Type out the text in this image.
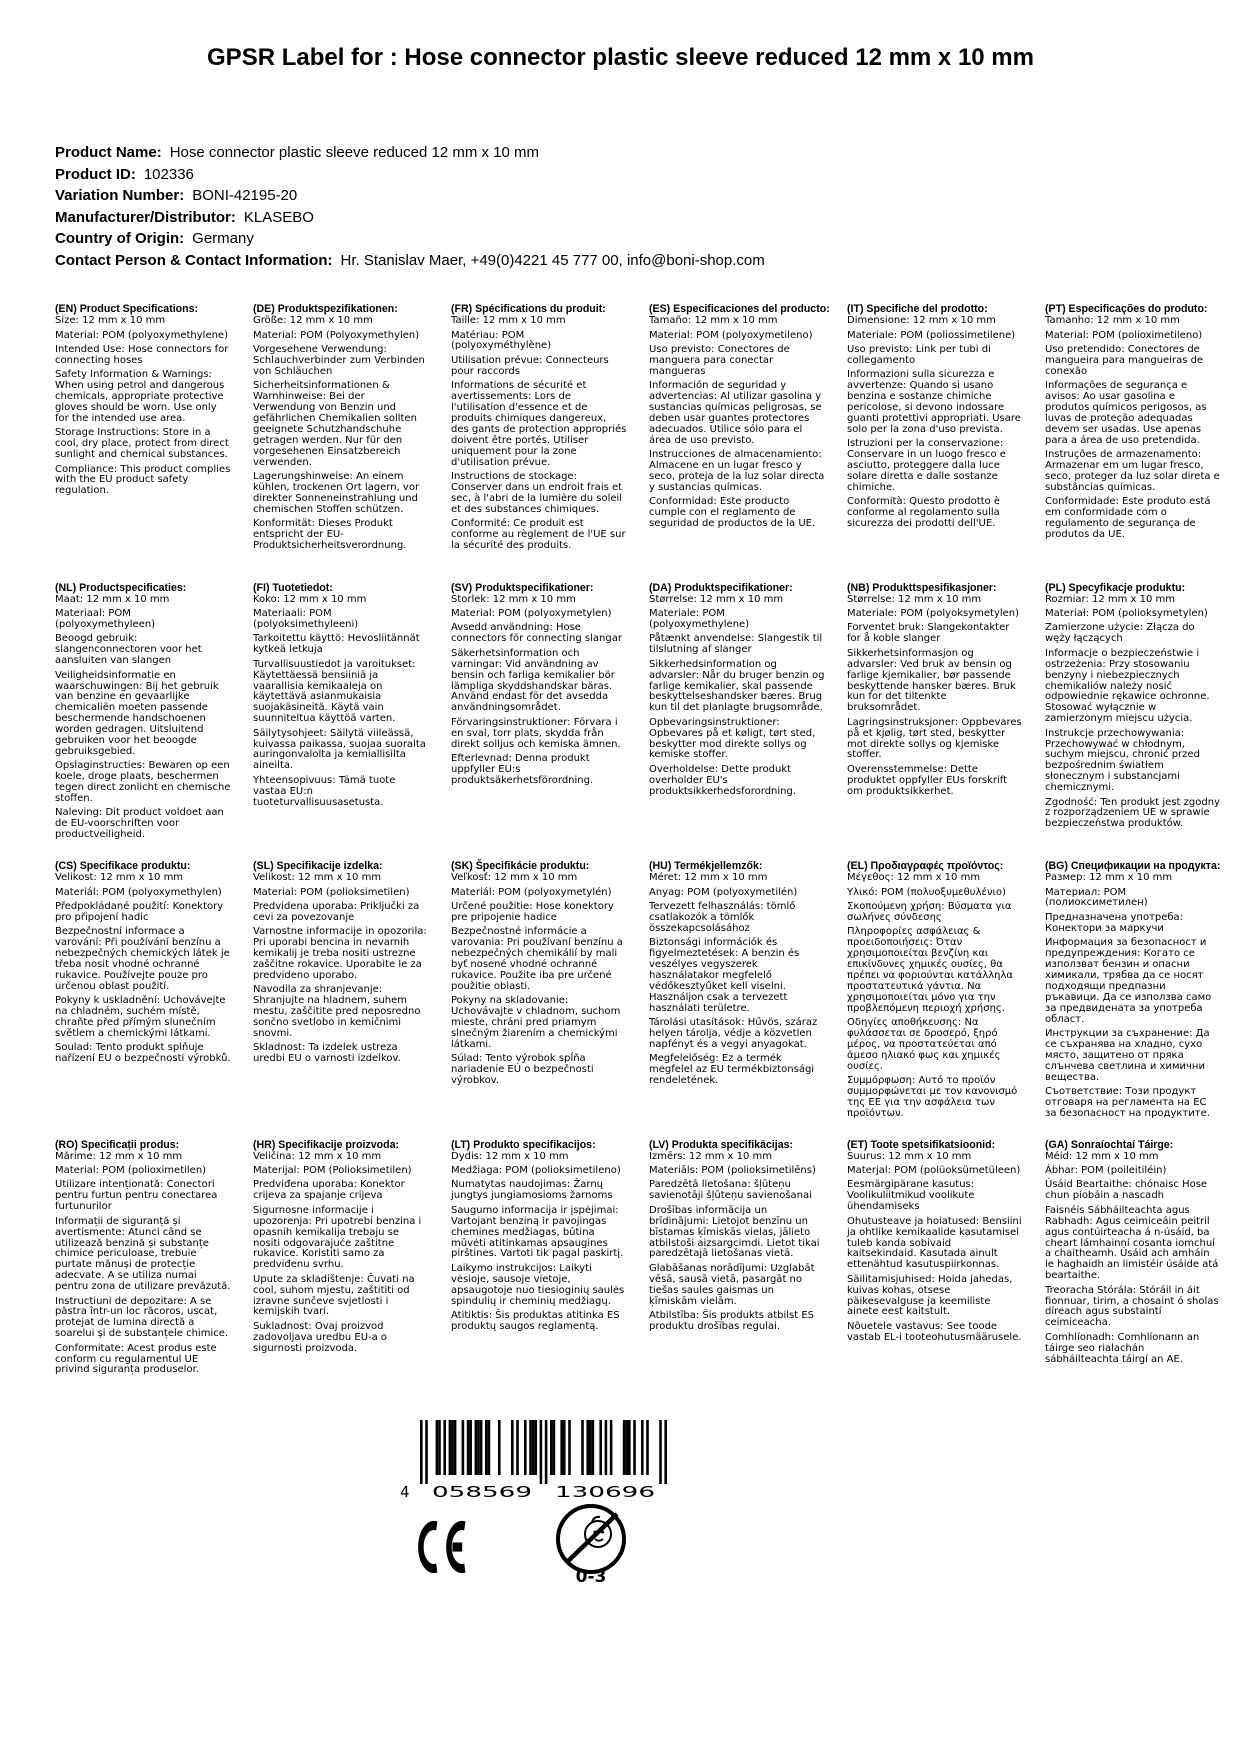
GPSR Label for : Hose connector plastic sleeve reduced 12 mm x 10 mm
Product Name: Hose connector plastic sleeve reduced 12 mm x 10 mm
Product ID: 102336
Variation Number: BONI-42195-20
Manufacturer/Distributor: KLASEBO
Country of Origin: Germany
Contact Person & Contact Information: Hr. Stanislav Maer, +49(0)4221 45 777 00, info@boni-shop.com
(EN) Product Specifications:

Size: 12 mm x 10 mm

Material: POM (polyoxymethylene)

Intended Use: Hose connectors for connecting hoses

Safety Information & Warnings: When using petrol and dangerous chemicals, appropriate protective gloves should be worn. Use only for the intended use area.

Storage Instructions: Store in a cool, dry place, protect from direct sunlight and chemical substances.

Compliance: This product complies with the EU product safety regulation.

(DE) Produktspezifikationen:

Größe: 12 mm x 10 mm

Material: POM (Polyoxymethylen)

Vorgesehene Verwendung: Schlauchverbinder zum Verbinden von Schläuchen

Sicherheitsinformationen & Warnhinweise: Bei der Verwendung von Benzin und gefährlichen Chemikalien sollten geeignete Schutzhandschuhe getragen werden. Nur für den vorgesehenen Einsatzbereich verwenden.

Lagerungshinweise: An einem kühlen, trockenen Ort lagern, vor direkter Sonneneinstrahlung und chemischen Stoffen schützen.

Konformität: Dieses Produkt entspricht der EU-Produktsicherheitsverordnung.

(FR) Spécifications du produit:

Taille: 12 mm x 10 mm

Matériau: POM (polyoxyméthylène)

Utilisation prévue: Connecteurs pour raccords

Informations de sécurité et avertissements: Lors de l'utilisation d'essence et de produits chimiques dangereux, des gants de protection appropriés doivent être portés. Utiliser uniquement pour la zone d'utilisation prévue.

Instructions de stockage: Conserver dans un endroit frais et sec, à l'abri de la lumière du soleil et des substances chimiques.

Conformité: Ce produit est conforme au règlement de l'UE sur la sécurité des produits.

(ES) Especificaciones del producto:

Tamaño: 12 mm x 10 mm

Material: POM (polyoxymetileno)

Uso previsto: Conectores de manguera para conectar mangueras

Información de seguridad y advertencias: Al utilizar gasolina y sustancias químicas peligrosas, se deben usar guantes protectores adecuados. Utilice sólo para el área de uso previsto.

Instrucciones de almacenamiento: Almacene en un lugar fresco y seco, proteja de la luz solar directa y sustancias químicas.

Conformidad: Este producto cumple con el reglamento de seguridad de productos de la UE.

(IT) Specifiche del prodotto:

Dimensione: 12 mm x 10 mm

Materiale: POM (poliossimetilene)

Uso previsto: Link per tubi di collegamento

Informazioni sulla sicurezza e avvertenze: Quando si usano benzina e sostanze chimiche pericolose, si devono indossare guanti protettivi appropriati. Usare solo per la zona d'uso prevista.

Istruzioni per la conservazione: Conservare in un luogo fresco e asciutto, proteggere dalla luce solare diretta e dalle sostanze chimiche.

Conformità: Questo prodotto è conforme al regolamento sulla sicurezza dei prodotti dell'UE.

(PT) Especificações do produto:

Tamanho: 12 mm x 10 mm

Material: POM (polioximetileno)

Uso pretendido: Conectores de mangueira para mangueiras de conexão

Informações de segurança e avisos: Ao usar gasolina e produtos químicos perigosos, as luvas de proteção adequadas devem ser usadas. Use apenas para a área de uso pretendida.

Instruções de armazenamento: Armazenar em um lugar fresco, seco, proteger da luz solar direta e substâncias químicas.

Conformidade: Este produto está em conformidade com o regulamento de segurança de produtos da UE.

(NL) Productspecificaties:

Maat: 12 mm x 10 mm

Materiaal: POM (polyoxymethyleen)

Beoogd gebruik: slangenconnectoren voor het aansluiten van slangen

Veiligheidsinformatie en waarschuwingen: Bij het gebruik van benzine en gevaarlijke chemicaliën moeten passende beschermende handschoenen worden gedragen. Uitsluitend gebruiken voor het beoogde gebruiksgebied.

Opslaginstructies: Bewaren op een koele, droge plaats, beschermen tegen direct zonlicht en chemische stoffen.

Naleving: Dit product voldoet aan de EU-voorschriften voor productveiligheid.

(FI) Tuotetiedot:

Koko: 12 mm x 10 mm

Materiaali: POM (polyoksimethyleeni)

Tarkoitettu käyttö: Hevosliitännät kytkeä letkuja

Turvallisuustiedot ja varoitukset: Käytettäessä bensiiniä ja vaarallisia kemikaaleja on käytettävä asianmukaisia suojakäsineitä. Käytä vain suunniteltua käyttöä varten.

Säilytysohjeet: Säilytä viileässä, kuivassa paikassa, suojaa suoralta auringonvalolta ja kemiallisilta aineilta.

Yhteensopivuus: Tämä tuote vastaa EU:n tuoteturvallisuusasetusta.

(SV) Produktspecifikationer:

Storlek: 12 mm x 10 mm

Material: POM (polyoxymetylen)

Avsedd användning: Hose connectors för connecting slangar

Säkerhetsinformation och varningar: Vid användning av bensin och farliga kemikalier bör lämpliga skyddshandskar bäras. Använd endast för det avsedda användningsområdet.

Förvaringsinstruktioner: Förvara i en sval, torr plats, skydda från direkt solljus och kemiska ämnen.

Efterlevnad: Denna produkt uppfyller EU:s produktsäkerhetsförordning.

(DA) Produktspecifikationer:

Størrelse: 12 mm x 10 mm

Materiale: POM (polyoxymethylene)

Påtænkt anvendelse: Slangestik til tilslutning af slanger

Sikkerhedsinformation og advarsler: Når du bruger benzin og farlige kemikalier, skal passende beskyttelseshandsker bæres. Brug kun til det planlagte brugsområde.

Opbevaringsinstruktioner: Opbevares på et køligt, tørt sted, beskytter mod direkte sollys og kemiske stoffer.

Overholdelse: Dette produkt overholder EU's produktsikkerhedsforordning.

(NB) Produkttspesifikasjoner:

Størrelse: 12 mm x 10 mm

Materiale: POM (polyoksymetylen)

Forventet bruk: Slangekontakter for å koble slanger

Sikkerhetsinformasjon og advarsler: Ved bruk av bensin og farlige kjemikalier, bør passende beskyttende hansker bæres. Bruk kun for det tiltenkte bruksområdet.

Lagringsinstruksjoner: Oppbevares på et kjølig, tørt sted, beskytter mot direkte sollys og kjemiske stoffer.

Overensstemmelse: Dette produktet oppfyller EUs forskrift om produktsikkerhet.

(PL) Specyfikacje produktu:

Rozmiar: 12 mm x 10 mm

Materiał: POM (polioksymetylen)

Zamierzone użycie: Złącza do węży łączących

Informacje o bezpieczeństwie i ostrzeżenia: Przy stosowaniu benzyny i niebezpiecznych chemikaliów należy nosić odpowiednie rękawice ochronne. Stosować wyłącznie w zamierzonym miejscu użycia.

Instrukcje przechowywania: Przechowywać w chłodnym, suchym miejscu, chronić przed bezpośrednim światłem słonecznym i substancjami chemicznymi.

Zgodność: Ten produkt jest zgodny z rozporządzeniem UE w sprawie bezpieczeństwa produktów.

(CS) Specifikace produktu:

Velikost: 12 mm x 10 mm

Materiál: POM (polyoxymethylen)

Předpokládané použití: Konektory pro připojení hadic

Bezpečnostní informace a varování: Při používání benzínu a nebezpečných chemických látek je třeba nosit vhodné ochranné rukavice. Používejte pouze pro určenou oblast použití.

Pokyny k uskladnění: Uchovávejte na chladném, suchém místě, chraňte před přímým slunečním světlem a chemickými látkami.

Soulad: Tento produkt splňuje nařízení EU o bezpečnosti výrobků.

(SL) Specifikacije izdelka:

Velikost: 12 mm x 10 mm

Material: POM (polioksimetilen)

Predvidena uporaba: Priključki za cevi za povezovanje

Varnostne informacije in opozorila: Pri uporabi bencina in nevarnih kemikalij je treba nositi ustrezne zaščitne rokavice. Uporabite le za predvideno uporabo.

Navodila za shranjevanje: Shranjujte na hladnem, suhem mestu, zaščitite pred neposredno sončno svetlobo in kemičnimi snovmi.

Skladnost: Ta izdelek ustreza uredbi EU o varnosti izdelkov.

(SK) Špecifikácie produktu:

Veľkosť: 12 mm x 10 mm

Materiál: POM (polyoxymetylén)

Určené použitie: Hose konektory pre pripojenie hadice

Bezpečnostné informácie a varovania: Pri používaní benzínu a nebezpečných chemikálií by mali byť nosené vhodné ochranné rukavice. Použite iba pre určené použitie oblasti.

Pokyny na skladovanie: Uchovávajte v chladnom, suchom mieste, chráni pred priamym slnečným žiarením a chemickými látkami.

Súlad: Tento výrobok spĺňa nariadenie EÚ o bezpečnosti výrobkov.

(HU) Termékjellemzők:

Méret: 12 mm x 10 mm

Anyag: POM (polyoxymetilén)

Tervezett felhasználás: tömlő csatlakozók a tömlők összekapcsolásához

Biztonsági információk és figyelmeztetések: A benzin és veszélyes vegyszerek használatakor megfelelő védőkesztyűket kell viselni. Használjon csak a tervezett használati területre.

Tárolási utasítások: Hűvös, száraz helyen tárolja, védje a közvetlen napfényt és a vegyi anyagokat.

Megfelelőség: Ez a termék megfelel az EU termékbiztonsági rendeletének.

(EL) Προδιαγραφές προϊόντος:

Μέγεθος: 12 mm x 10 mm

Υλικό: POM (πολυοξυμεθυλένιο)

Σκοπούμενη χρήση: Βύσματα για σωλήνες σύνδεσης

Πληροφορίες ασφάλειας & προειδοποιήσεις: Όταν χρησιμοποιείται βενζίνη και επικίνδυνες χημικές ουσίες, θα πρέπει να φοριούνται κατάλληλα προστατευτικά γάντια. Να χρησιμοποιείται μόνο για την προβλεπόμενη περιοχή χρήσης.

Οδηγίες αποθήκευσης: Να φυλάσσεται σε δροσερό, ξηρό μέρος, να προστατεύεται από άμεσο ηλιακό φως και χημικές ουσίες.

Συμμόρφωση: Αυτό το προϊόν συμμορφώνεται με τον κανονισμό της ΕΕ για την ασφάλεια των προϊόντων.

(BG) Спецификации на продукта:

Размер: 12 mm x 10 mm

Материал: POM (полиоксиметилен)

Предназначена употреба: Конектори за маркучи

Информация за безопасност и предупреждения: Когато се използват бензин и опасни химикали, трябва да се носят подходящи предпазни ръкавици. Да се използва само за предвидената за употреба област.

Инструкции за съхранение: Да се съхранява на хладно, сухо място, защитено от пряка слънчева светлина и химични вещества.

Съответствие: Този продукт отговаря на регламента на ЕС за безопасност на продуктите.

(RO) Specificații produs:

Mărime: 12 mm x 10 mm

Material: POM (polioximetilen)

Utilizare intenționată: Conectori pentru furtun pentru conectarea furtunurilor

Informații de siguranță și avertismente: Atunci când se utilizează benzină și substanțe chimice periculoase, trebuie purtate mănuși de protecție adecvate. A se utiliza numai pentru zona de utilizare prevăzută.

Instructiuni de depozitare: A se păstra într-un loc răcoros, uscat, protejat de lumina directă a soarelui și de substanțele chimice.

Conformitate: Acest produs este conform cu regulamentul UE privind siguranța produselor.

(HR) Specifikacije proizvoda:

Veličina: 12 mm x 10 mm

Materijal: POM (Polioksimetilen)

Predviđena uporaba: Konektor crijeva za spajanje crijeva

Sigurnosne informacije i upozorenja: Pri upotrebi benzina i opasnih kemikalija trebaju se nositi odgovarajuće zaštitne rukavice. Koristiti samo za predviđenu svrhu.

Upute za skladištenje: Čuvati na cool, suhom mjestu, zaštititi od izravne sunčeve svjetlosti i kemijskih tvari.

Sukladnost: Ovaj proizvod zadovoljava uredbu EU-a o sigurnosti proizvoda.

(LT) Produkto specifikacijos:

Dydis: 12 mm x 10 mm

Medžiaga: POM (polioksimetileno)

Numatytas naudojimas: Žarnų jungtys jungiamosioms žarnoms

Saugumo informacija ir įspėjimai: Vartojant benziną ir pavojingas chemines medžiagas, būtina mūvėti atitinkamas apsaugines pirštines. Vartoti tik pagal paskirtį.

Laikymo instrukcijos: Laikyti vėsioje, sausoje vietoje, apsaugotoje nuo tiesioginių saulės spindulių ir cheminių medžiagų.

Atitiktis: Šis produktas atitinka ES produktų saugos reglamentą.

(LV) Produkta specifikācijas:

Izmērs: 12 mm x 10 mm

Materiāls: POM (polioksimetilēns)

Paredzētā lietošana: šļūteņu savienotāji šļūteņu savienošanai

Drošības informācija un brīdinājumi: Lietojot benzīnu un bīstamas ķīmiskās vielas, jālieto atbilstoši aizsargcimdi. Lietot tikai paredzētajā lietošanas vietā.

Glabāšanas norādījumi: Uzglabāt vēsā, sausā vietā, pasargāt no tiešas saules gaismas un ķīmiskām vielām.

Atbilstība: Šis produkts atbilst ES produktu drošības regulai.

(ET) Toote spetsifikatsioonid:

Suurus: 12 mm x 10 mm

Materjal: POM (polüoksümetüleen)

Eesmärgipärane kasutus: Voolikuliitmikud voolikute ühendamiseks

Ohutusteave ja hoiatused: Bensiini ja ohtlike kemikaalide kasutamisel tuleb kanda sobivaid kaitsekindaid. Kasutada ainult ettenähtud kasutuspiirkonnas.

Säilitamisjuhised: Hoida jahedas, kuivas kohas, otsese päikesevalguse ja keemiliste ainete eest kaitstult.

Nõuetele vastavus: See toode vastab EL-i tooteohutusmäärusele.

(GA) Sonraíochtaí Táirge:

Méid: 12 mm x 10 mm

Ábhar: POM (poileitiléin)

Úsáid Beartaithe: chónaisc Hose chun píobáin a nascadh

Faisnéis Sábháilteachta agus Rabhadh: Agus ceimiceáin peitril agus contúirteacha á n-úsáid, ba cheart lámhainní cosanta iomchuí a chaitheamh. Úsáid ach amháin le haghaidh an limistéir úsáide atá beartaithe.

Treoracha Stórála: Stóráil in áit fionnuar, tirim, a chosaint ó sholas díreach agus substaintí ceimiceacha.

Comhlíonadh: Comhlíonann an táirge seo rialachán sábháilteachta táirgí an AE.

4 058569 130696
0-3
